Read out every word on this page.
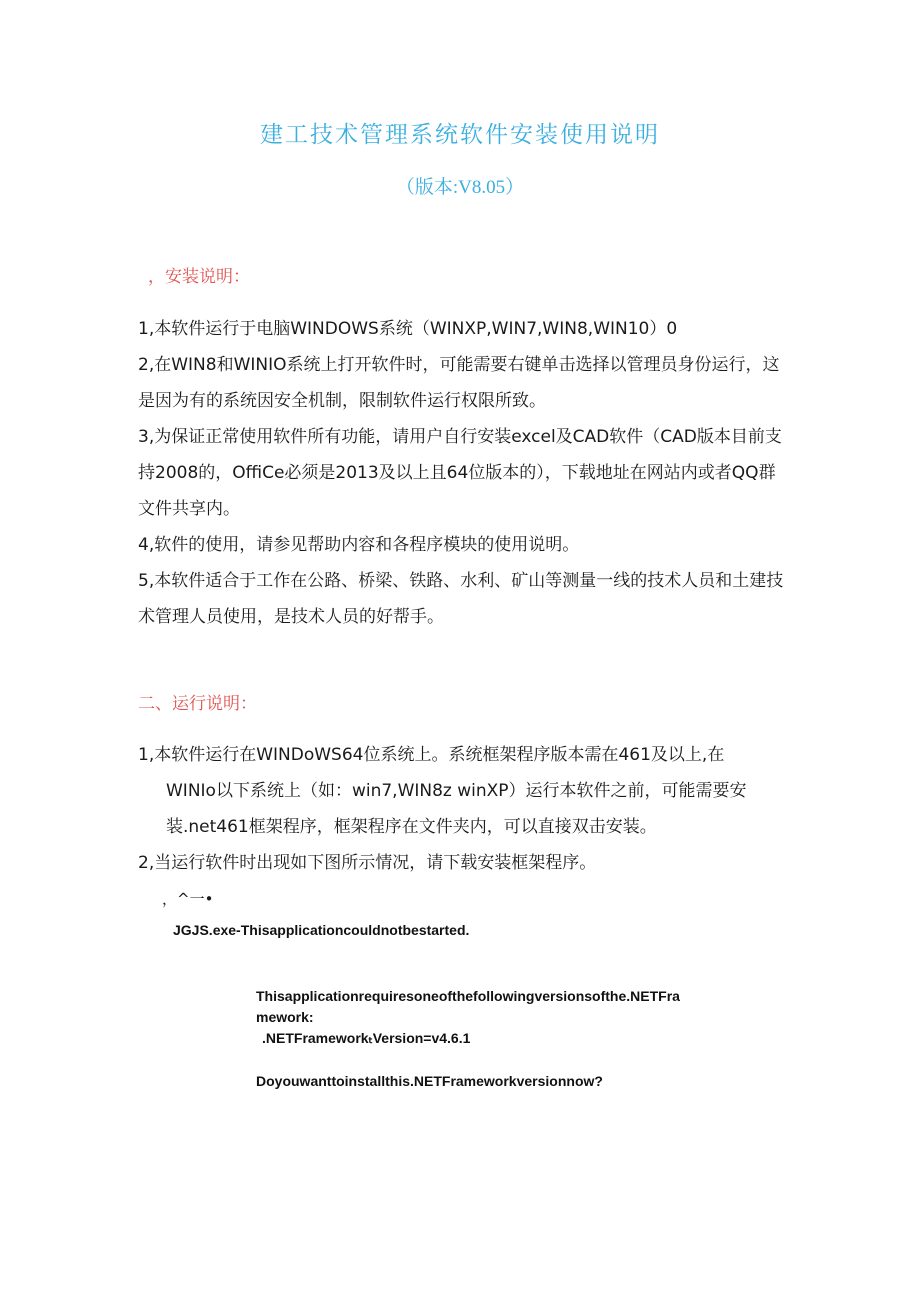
建工技术管理系统软件安装使用说明
（版本:V8.05）
，安装说明：

1,本软件运行于电脑WINDOWS系统（WINXP,WIN7,WIN8,WIN10）0

2,在WIN8和WINIO系统上打开软件时，可能需要右键单击选择以管理员身份运行，这是因为有的系统因安全机制，限制软件运行权限所致。

3,为保证正常使用软件所有功能，请用户自行安装excel及CAD软件（CAD版本目前支持2008的，OffiCe必须是2013及以上且64位版本的），下载地址在网站内或者QQ群文件共享内。

4,软件的使用，请参见帮助内容和各程序模块的使用说明。

5,本软件适合于工作在公路、桥梁、铁路、水利、矿山等测量一线的技术人员和土建技术管理人员使用，是技术人员的好帮手。

二、运行说明：
1,本软件运行在WINDoWS64位系统上。系统框架程序版本需在461及以上,在
WINIo以下系统上（如：win7,WIN8z winXP）运行本软件之前，可能需要安装.net461框架程序，框架程序在文件夹内，可以直接双击安装。

2,当运行软件时出现如下图所示情况，请下载安装框架程序。

，^一•
JGJS.exe-Thisapplicationcouldnotbestarted.
Thisapplicationrequiresoneofthefollowingversionsofthe.NETFra
mework:
.NETFrameworkₜVersion=v4.6.1
Doyouwanttoinstallthis.NETFrameworkversionnow?
